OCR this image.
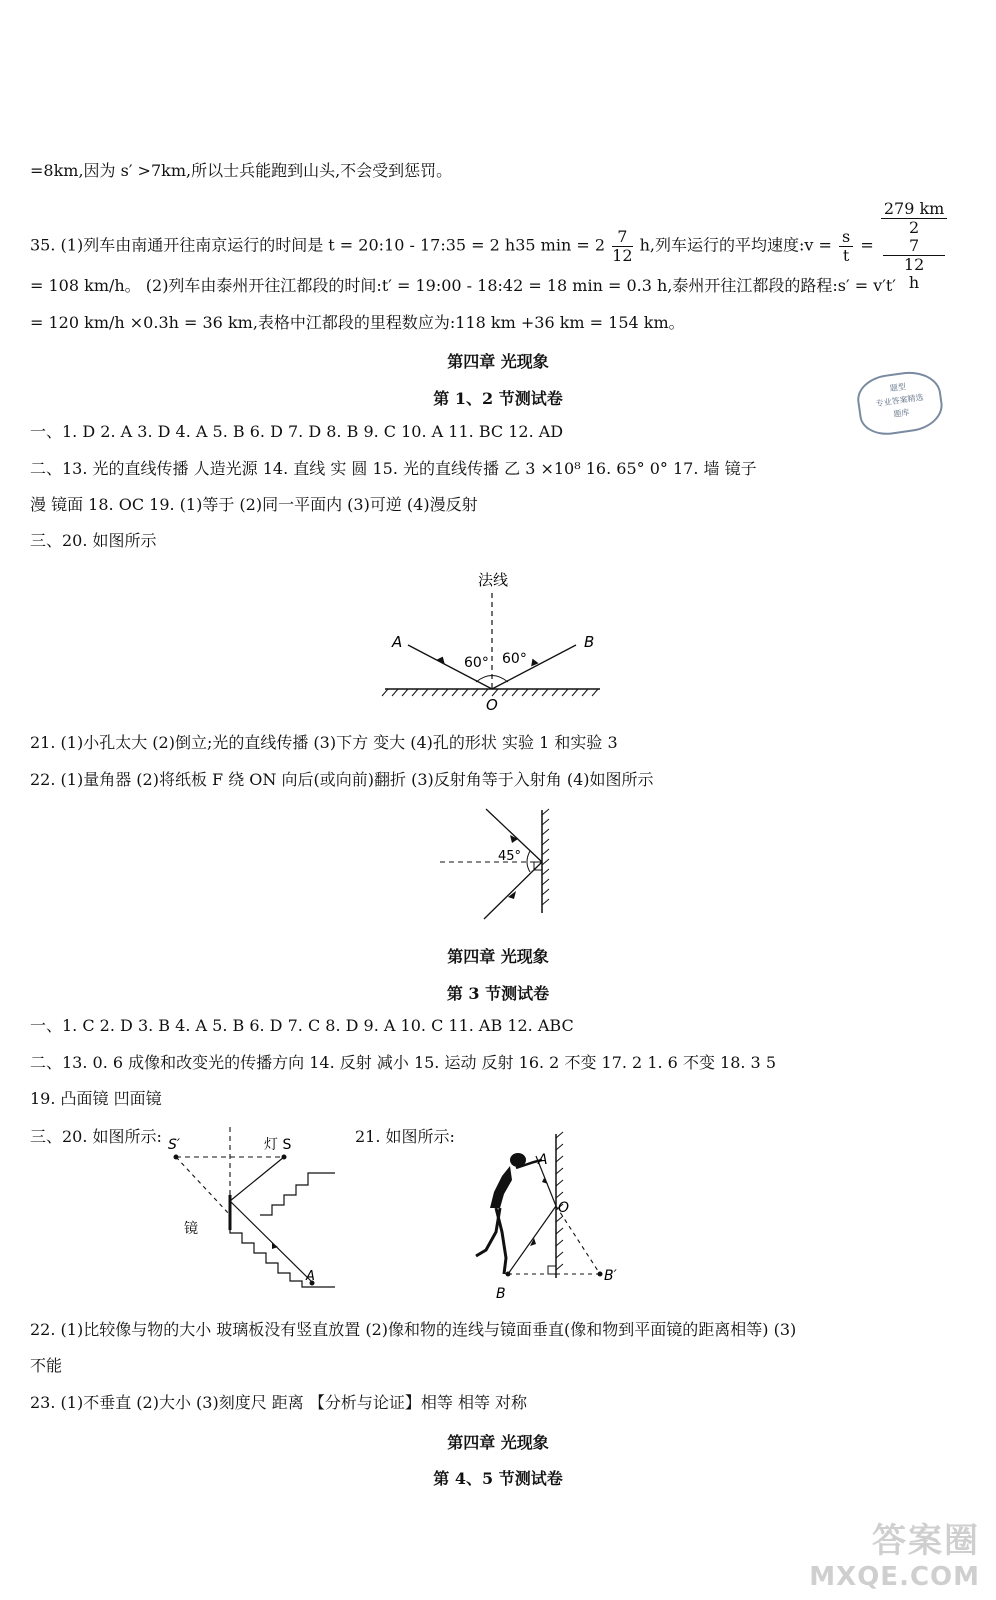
=8km,因为 s′ >7km,所以士兵能跑到山头,不会受到惩罚。
35. (1)列车由南通开往南京运行的时间是 t = 20:10 - 17:35 = 2 h35 $\min = 2 \frac{7}{12} h$,列车运行的平均速度:v = $\frac{s}{t} = 279$ km
2
7
12
h
= 108 km/h。 (2)列车由泰州开往江都段的时间:t′ = 19:00 - 18:42 = 18 min = 0.3 h,泰州开往江都段的路程:s′ = v′t′
= 120 km/h ×0.3h = 36 km,表格中江都段的里程数应为:118 km +36 km = 154 km。
第四章 光现象
第 1、2 节测试卷
题型
专业答案精选
题库
一、1. D 2. A 3. D 4. A 5. B 6. D 7. D 8. B 9. C 10. A 11. BC 12. AD
二、13. 光的直线传播 人造光源 14. 直线 实 圆 15. 光的直线传播 乙 3 ×10⁸ 16. 65° 0° 17. 墙 镜子
漫 镜面 18. OC 19. (1)等于 (2)同一平面内 (3)可逆 (4)漫反射
三、20. 如图所示
法线
A	B
60° 60°
O
21. (1)小孔太大 (2)倒立;光的直线传播 (3)下方 变大 (4)孔的形状 实验 1 和实验 3
22. (1)量角器 (2)将纸板 F 绕 ON 向后(或向前)翻折 (3)反射角等于入射角 (4)如图所示
45°
第四章 光现象
第 3 节测试卷
一、1. C 2. D 3. B 4. A 5. B 6. D 7. C 8. D 9. A 10. C 11. AB 12. ABC
二、13. 0. 6 成像和改变光的传播方向 14. 反射 减小 15. 运动 反射 16. 2 不变 17. 2 1. 6 不变 18. 3 5
19. 凸面镜 凹面镜
三、20. 如图所示:	21. 如图所示:
S′	灯 S
镜
A
A
O
B
B′
22. (1)比较像与物的大小 玻璃板没有竖直放置 (2)像和物的连线与镜面垂直(像和物到平面镜的距离相等) (3)
不能
23. (1)不垂直 (2)大小 (3)刻度尺 距离 【分析与论证】相等 相等 对称
第四章 光现象
第 4、5 节测试卷
答案圈
MXQE.COM
